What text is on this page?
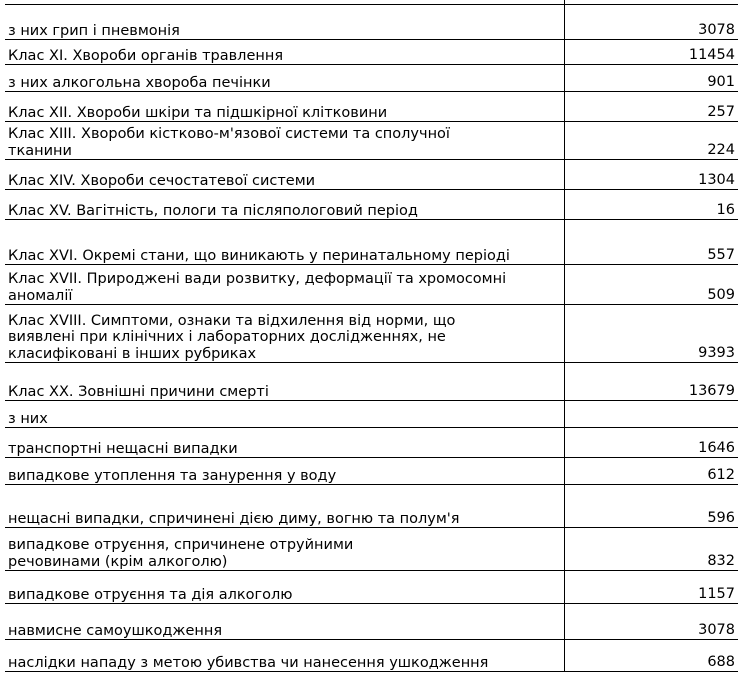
з них грип і пневмонія	3078
Клас XI. Хвороби органів травлення	11454
з них алкогольна хвороба печінки	901
Клас XII. Хвороби шкіри та підшкірної клітковини	257
Клас XIII. Хвороби кістково-м'язової системи та сполучної
тканини	224
Клас XIV. Хвороби сечостатевої системи	1304
Клас XV. Вагітність, пологи та післяпологовий період	16
Клас XVI. Окремі стани, що виникають у перинатальному періоді	557
Клас XVII. Природжені вади розвитку, деформації та хромосомні
аномалії	509
Клас XVIII. Симптоми, ознаки та відхилення від норми, що
виявлені при клінічних і лабораторних дослідженнях, не
класифіковані в інших рубриках	9393
Клас XX. Зовнішні причини смерті	13679
з них
транспортні нещасні випадки	1646
випадкове утоплення та занурення у воду	612
нещасні випадки, спричинені дією диму, вогню та полум'я	596
випадкове отруєння, спричинене отруйними
речовинами (крім алкоголю)	832
випадкове отруєння та дія алкоголю	1157
навмисне самоушкодження	3078
наслідки нападу з метою убивства чи нанесення ушкодження	688
